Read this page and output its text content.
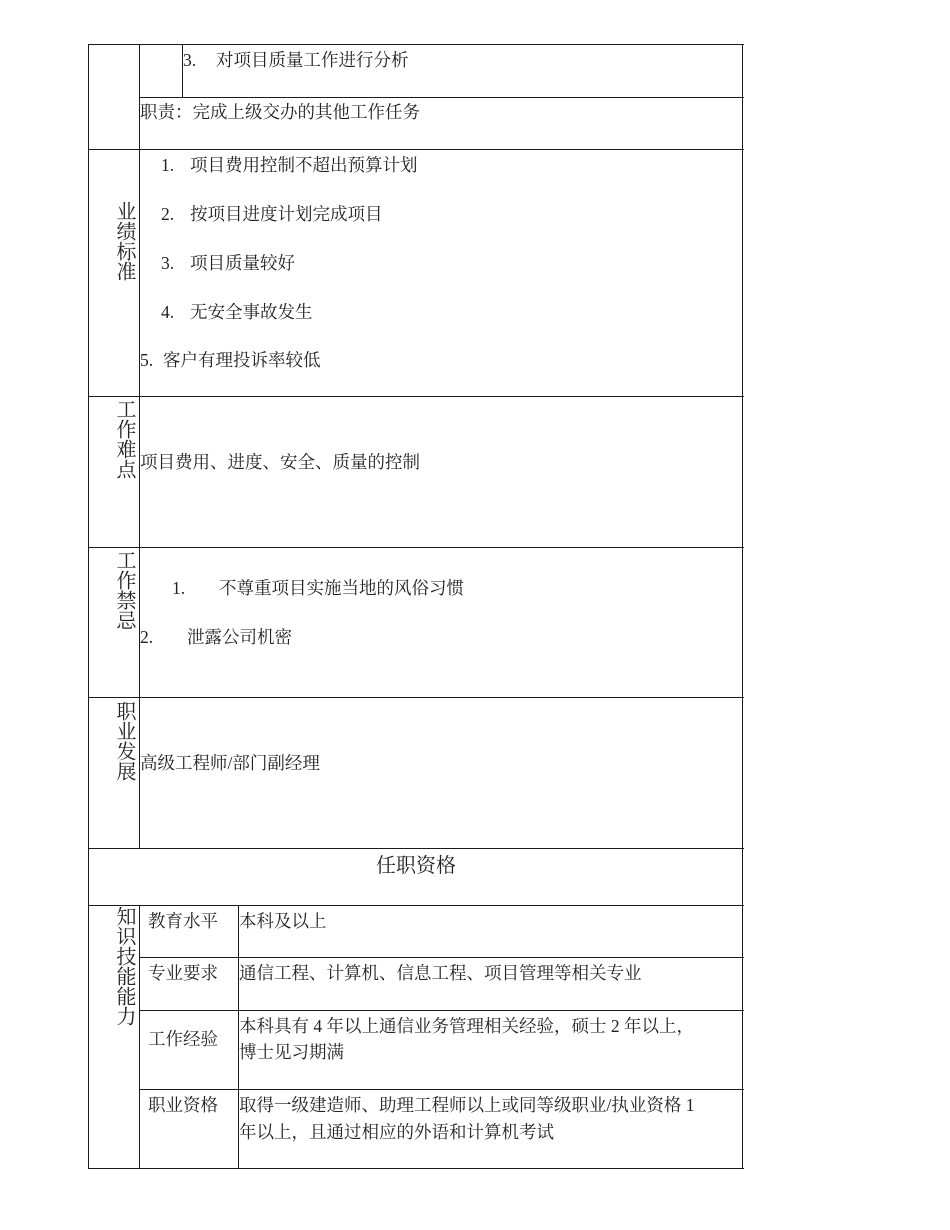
3. 对项目质量工作进行分析
职责：完成上级交办的其他工作任务
业绩标准
1. 项目费用控制不超出预算计划
2. 按项目进度计划完成项目
3. 项目质量较好
4. 无安全事故发生
5. 客户有理投诉率较低
工作难点 项目费用、进度、安全、质量的控制
工作禁忌 1. 不尊重项目实施当地的风俗习惯
2. 泄露公司机密
职业发展 高级工程师/部门副经理
任职资格
知识技能能力 教育水平 本科及以上
专业要求 通信工程、计算机、信息工程、项目管理等相关专业
工作经验
本科具有 4 年以上通信业务管理相关经验，硕士 2 年以上，
博士见习期满
职业资格 取得一级建造师、助理工程师以上或同等级职业/执业资格 1
年以上，且通过相应的外语和计算机考试
